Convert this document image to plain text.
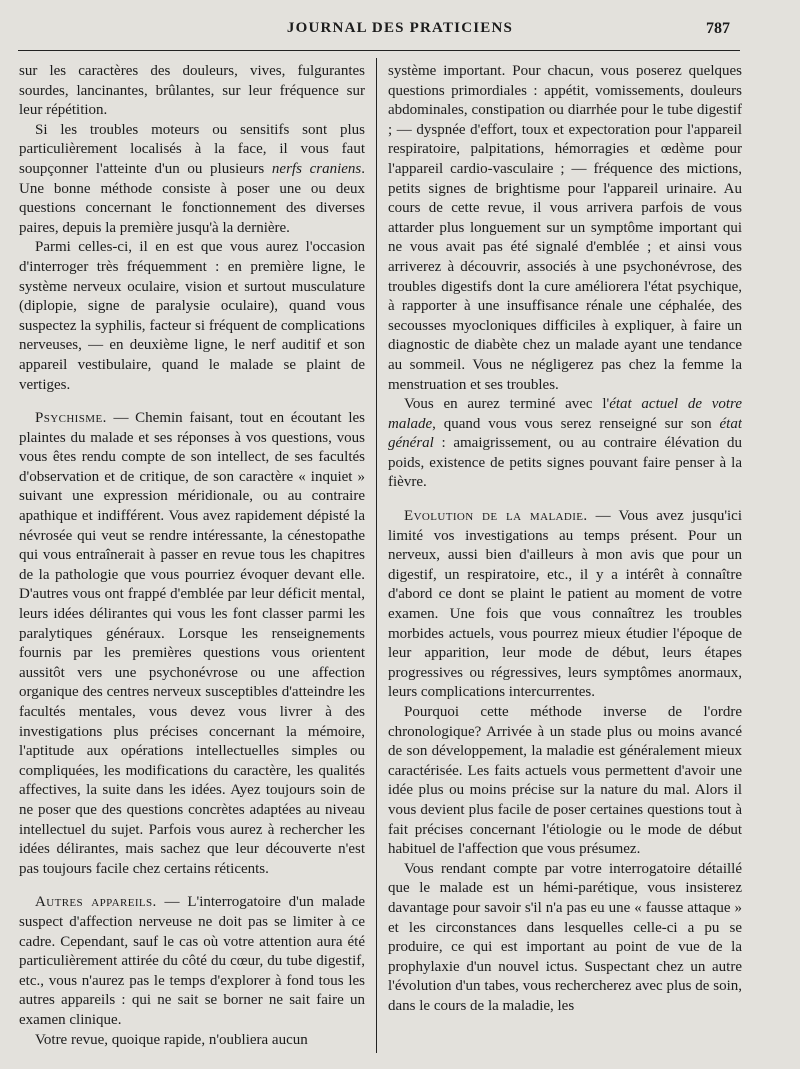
JOURNAL DES PRATICIENS	787

sur les caractères des douleurs, vives, fulgurantes sourdes, lancinantes, brûlantes, sur leur fréquence sur leur répétition.

Si les troubles moteurs ou sensitifs sont plus particulièrement localisés à la face, il vous faut soupçonner l'atteinte d'un ou plusieurs nerfs craniens. Une bonne méthode consiste à poser une ou deux questions concernant le fonctionnement des diverses paires, depuis la première jusqu'à la dernière.

Parmi celles-ci, il en est que vous aurez l'occasion d'interroger très fréquemment : en première ligne, le système nerveux oculaire, vision et surtout musculature (diplopie, signe de paralysie oculaire), quand vous suspectez la syphilis, facteur si fréquent de complications nerveuses, — en deuxième ligne, le nerf auditif et son appareil vestibulaire, quand le malade se plaint de vertiges.

Psychisme. — Chemin faisant, tout en écoutant les plaintes du malade et ses réponses à vos questions, vous vous êtes rendu compte de son intellect, de ses facultés d'observation et de critique, de son caractère « inquiet » suivant une expression méridionale, ou au contraire apathique et indifférent. Vous avez rapidement dépisté la névrosée qui veut se rendre intéressante, la cénestopathe qui vous entraînerait à passer en revue tous les chapitres de la pathologie que vous pourriez évoquer devant elle. D'autres vous ont frappé d'emblée par leur déficit mental, leurs idées délirantes qui vous les font classer parmi les paralytiques généraux. Lorsque les renseignements fournis par les premières questions vous orientent aussitôt vers une psychonévrose ou une affection organique des centres nerveux susceptibles d'atteindre les facultés mentales, vous devez vous livrer à des investigations plus précises concernant la mémoire, l'aptitude aux opérations intellectuelles simples ou compliquées, les modifications du caractère, les qualités affectives, la suite dans les idées. Ayez toujours soin de ne poser que des questions concrètes adaptées au niveau intellectuel du sujet. Parfois vous aurez à rechercher les idées délirantes, mais sachez que leur découverte n'est pas toujours facile chez certains réticents.

Autres appareils. — L'interrogatoire d'un malade suspect d'affection nerveuse ne doit pas se limiter à ce cadre. Cependant, sauf le cas où votre attention aura été particulièrement attirée du côté du cœur, du tube digestif, etc., vous n'aurez pas le temps d'explorer à fond tous les autres appareils : qui ne sait se borner ne sait faire un examen clinique.

Votre revue, quoique rapide, n'oubliera aucun

système important. Pour chacun, vous poserez quelques questions primordiales : appétit, vomissements, douleurs abdominales, constipation ou diarrhée pour le tube digestif ; — dyspnée d'effort, toux et expectoration pour l'appareil respiratoire, palpitations, hémorragies et œdème pour l'appareil cardio-vasculaire ; — fréquence des mictions, petits signes de brightisme pour l'appareil urinaire. Au cours de cette revue, il vous arrivera parfois de vous attarder plus longuement sur un symptôme important qui ne vous avait pas été signalé d'emblée ; et ainsi vous arriverez à découvrir, associés à une psychonévrose, des troubles digestifs dont la cure améliorera l'état psychique, à rapporter à une insuffisance rénale une céphalée, des secousses myocloniques difficiles à expliquer, à faire un diagnostic de diabète chez un malade ayant une tendance au sommeil. Vous ne négligerez pas chez la femme la menstruation et ses troubles.

Vous en aurez terminé avec l'état actuel de votre malade, quand vous vous serez renseigné sur son état général : amaigrissement, ou au contraire élévation du poids, existence de petits signes pouvant faire penser à la fièvre.

Evolution de la maladie. — Vous avez jusqu'ici limité vos investigations au temps présent. Pour un nerveux, aussi bien d'ailleurs à mon avis que pour un digestif, un respiratoire, etc., il y a intérêt à connaître d'abord ce dont se plaint le patient au moment de votre examen. Une fois que vous connaîtrez les troubles morbides actuels, vous pourrez mieux étudier l'époque de leur apparition, leur mode de début, leurs étapes progressives ou régressives, leurs symptômes anormaux, leurs complications intercurrentes.

Pourquoi cette méthode inverse de l'ordre chronologique? Arrivée à un stade plus ou moins avancé de son développement, la maladie est généralement mieux caractérisée. Les faits actuels vous permettent d'avoir une idée plus ou moins précise sur la nature du mal. Alors il vous devient plus facile de poser certaines questions tout à fait précises concernant l'étiologie ou le mode de début habituel de l'affection que vous présumez.

Vous rendant compte par votre interrogatoire détaillé que le malade est un hémi-parétique, vous insisterez davantage pour savoir s'il n'a pas eu une « fausse attaque » et les circonstances dans lesquelles celle-ci a pu se produire, ce qui est important au point de vue de la prophylaxie d'un nouvel ictus. Suspectant chez un autre l'évolution d'un tabes, vous rechercherez avec plus de soin, dans le cours de la maladie, les
